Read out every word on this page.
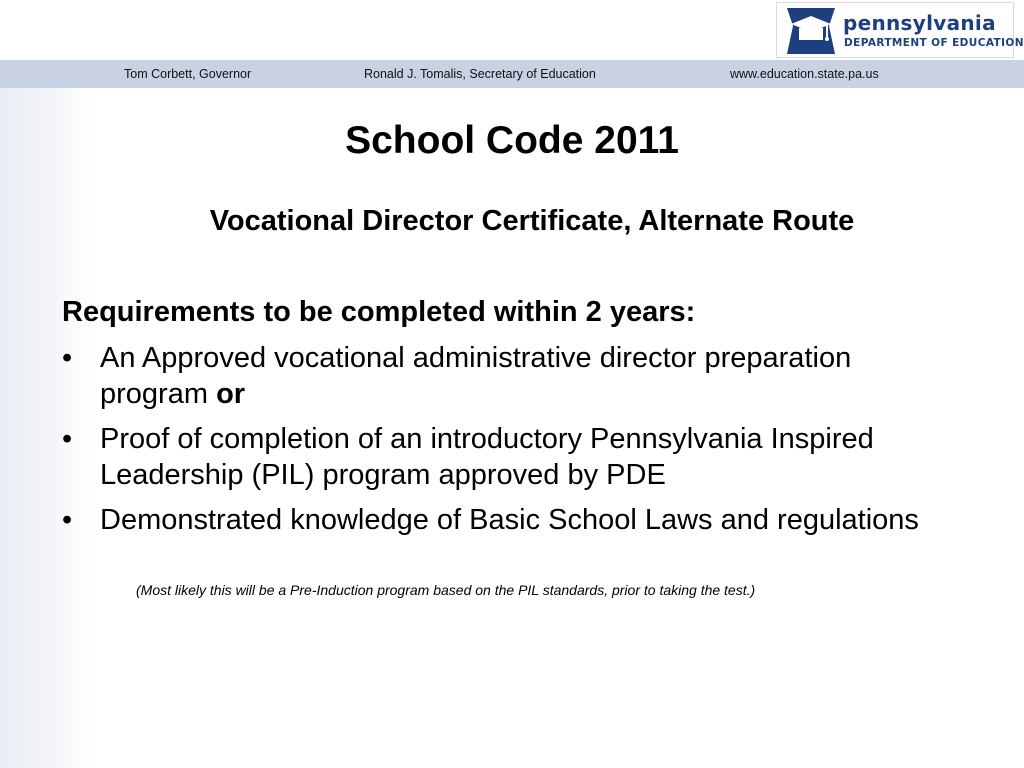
pennsylvania
DEPARTMENT OF EDUCATION
Tom Corbett, Governor	Ronald J. Tomalis, Secretary of Education	www.education.state.pa.us
School Code 2011
Vocational Director Certificate, Alternate Route
Requirements to be completed within 2 years:
• An Approved vocational administrative director preparation program or
• Proof of completion of an introductory Pennsylvania Inspired Leadership (PIL) program approved by PDE
• Demonstrated knowledge of Basic School Laws and regulations
(Most likely this will be a Pre-Induction program based on the PIL standards, prior to taking the test.)
